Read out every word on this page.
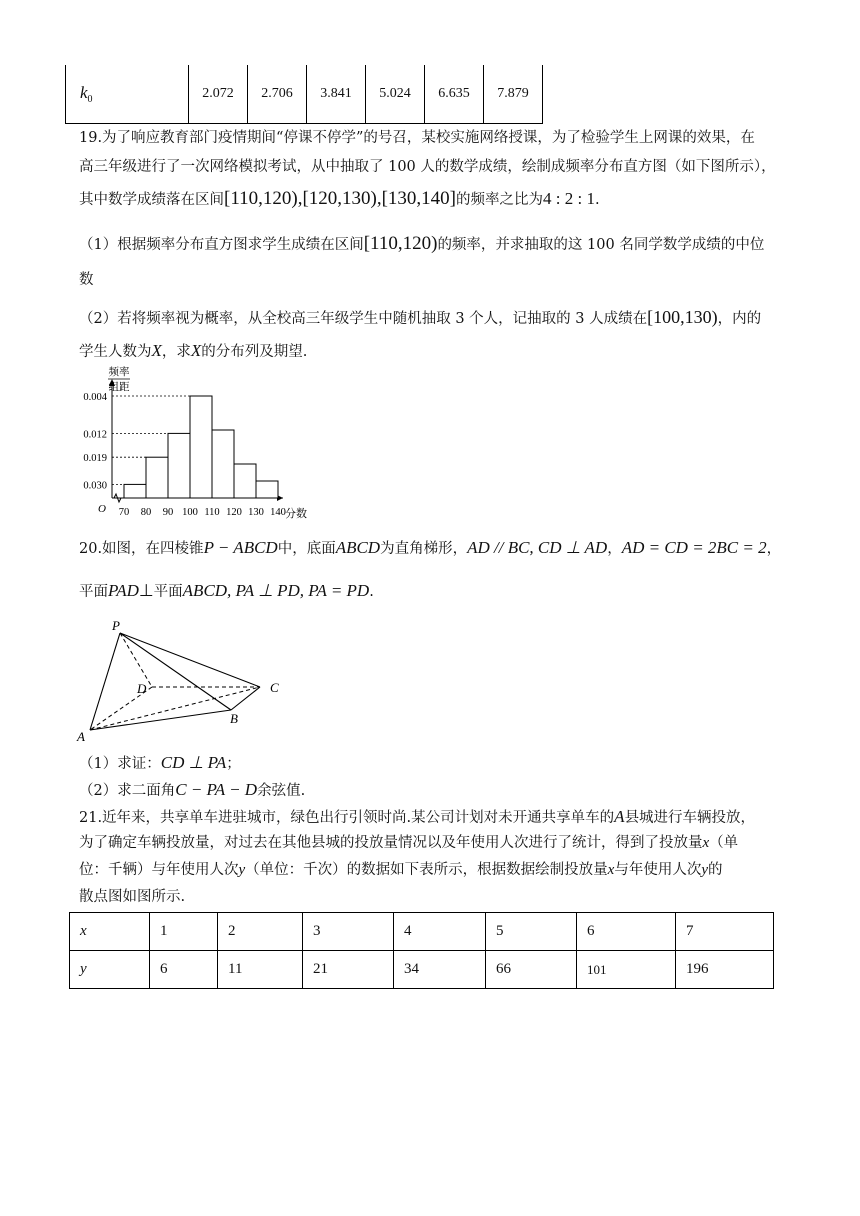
$k_0$	2.072	2.706	3.841	5.024	6.635	7.879
19.为了响应教育部门疫情期间“停课不停学”的号召，某校实施网络授课，为了检验学生上网课的效果，在
高三年级进行了一次网络模拟考试，从中抽取了 100 人的数学成绩，绘制成频率分布直方图（如下图所示），
其中数学成绩落在区间[110,120),[120,130),[130,140]的频率之比为4 : 2 : 1.
（1）根据频率分布直方图求学生成绩在区间[110,120)的频率，并求抽取的这 100 名同学数学成绩的中位
数
（2）若将频率视为概率，从全校高三年级学生中随机抽取 3 个人，记抽取的 3 人成绩在[100,130)，内的
学生人数为X，求X的分布列及期望.
频率
组距
0.030
0.019
0.012
0.004
70 80 90 100 110 120 130 140
O	分数
20.如图，在四棱锥P − ABCD中，底面ABCD为直角梯形，AD // BC, CD ⊥ AD，AD = CD = 2BC = 2，
平面PAD⊥平面ABCD, PA ⊥ PD, PA = PD.
P
D	C
B
A
（1）求证：CD ⊥ PA；
（2）求二面角C − PA − D余弦值.
21.近年来，共享单车进驻城市，绿色出行引领时尚.某公司计划对未开通共享单车的A县城进行车辆投放，
为了确定车辆投放量，对过去在其他县城的投放量情况以及年使用人次进行了统计，得到了投放量x（单
位：千辆）与年使用人次y（单位：千次）的数据如下表所示，根据数据绘制投放量x与年使用人次y的
散点图如图所示.
x	1	2	3	4	5	6	7
y	6	11	21	34	66	101	196
